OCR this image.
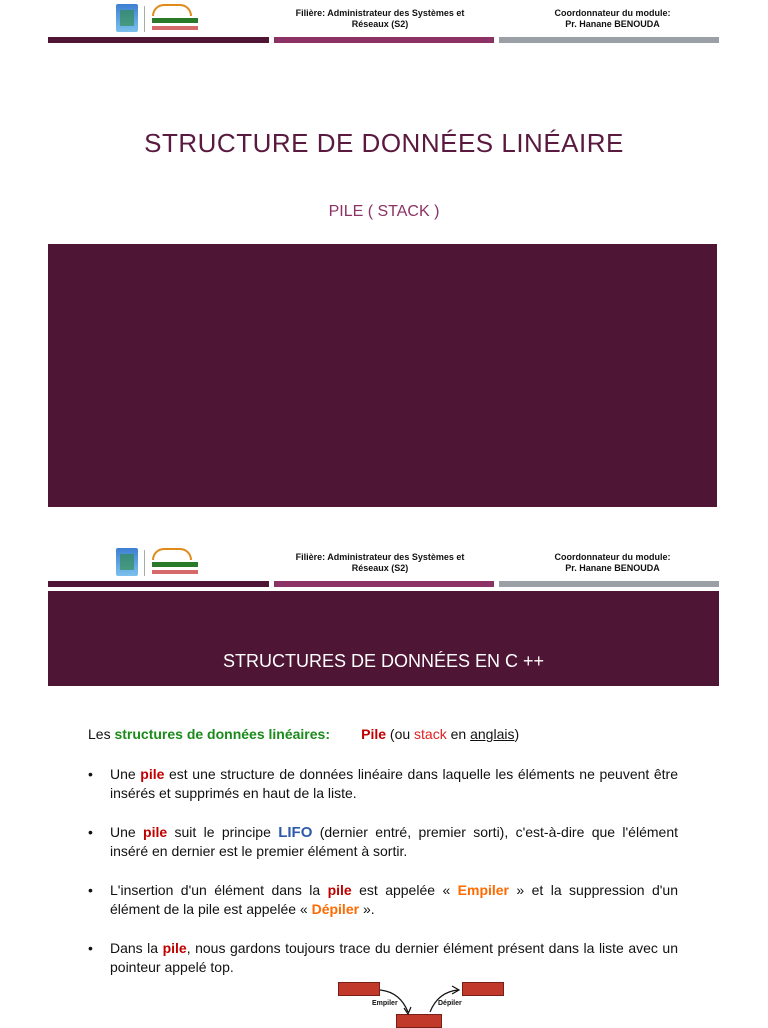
Filière: Administrateur des Systèmes et
Réseaux (S2)
Coordonnateur du module:
Pr. Hanane BENOUDA
STRUCTURE DE DONNÉES LINÉAIRE
PILE ( STACK )
Filière: Administrateur des Systèmes et
Réseaux (S2)
Coordonnateur du module:
Pr. Hanane BENOUDA
STRUCTURES DE DONNÉES EN C ++
Les structures de données linéaires: Pile (ou stack en anglais)
•	Une pile est une structure de données linéaire dans laquelle les éléments ne peuvent être insérés et supprimés en haut de la liste.
•	Une pile suit le principe LIFO (dernier entré, premier sorti), c'est-à-dire que l'élément inséré en dernier est le premier élément à sortir.
•	L'insertion d'un élément dans la pile est appelée « Empiler » et la suppression d'un élément de la pile est appelée « Dépiler ».
•	Dans la pile, nous gardons toujours trace du dernier élément présent dans la liste avec un pointeur appelé top.
Empiler	Dépiler
